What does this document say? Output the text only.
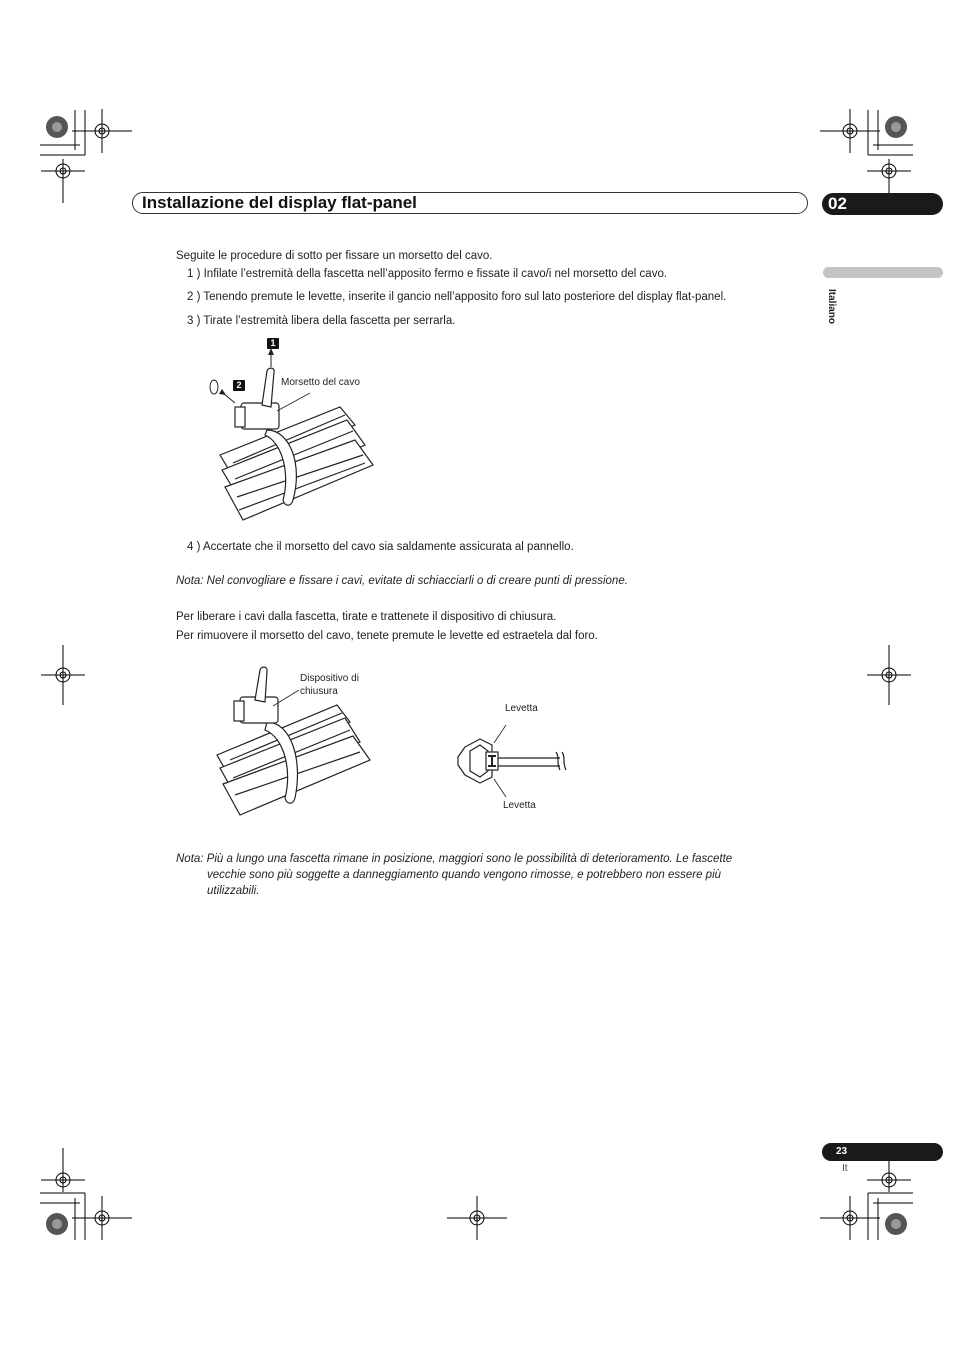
Installazione del display flat-panel	02
Italiano
Seguite le procedure di sotto per fissare un morsetto del cavo.
1 ) Infilate l’estremità della fascetta nell’apposito fermo e fissate il cavo/i nel morsetto del cavo.
2 ) Tenendo premute le levette, inserite il gancio nell’apposito foro sul lato posteriore del display flat-panel.
3 ) Tirate l’estremità libera della fascetta per serrarla.
1
2	Morsetto del cavo
4 ) Accertate che il morsetto del cavo sia saldamente assicurata al pannello.
Nota: Nel convogliare e fissare i cavi, evitate di schiacciarli o di creare punti di pressione.
Per liberare i cavi dalla fascetta, tirate e trattenete il dispositivo di chiusura.
Per rimuovere il morsetto del cavo, tenete premute le levette ed estraetela dal foro.
Dispositivo di
chiusura
Levetta
Levetta
Nota: Più a lungo una fascetta rimane in posizione, maggiori sono le possibilità di deterioramento. Le fascette
vecchie sono più soggette a danneggiamento quando vengono rimosse, e potrebbero non essere più
utilizzabili.
23
It
